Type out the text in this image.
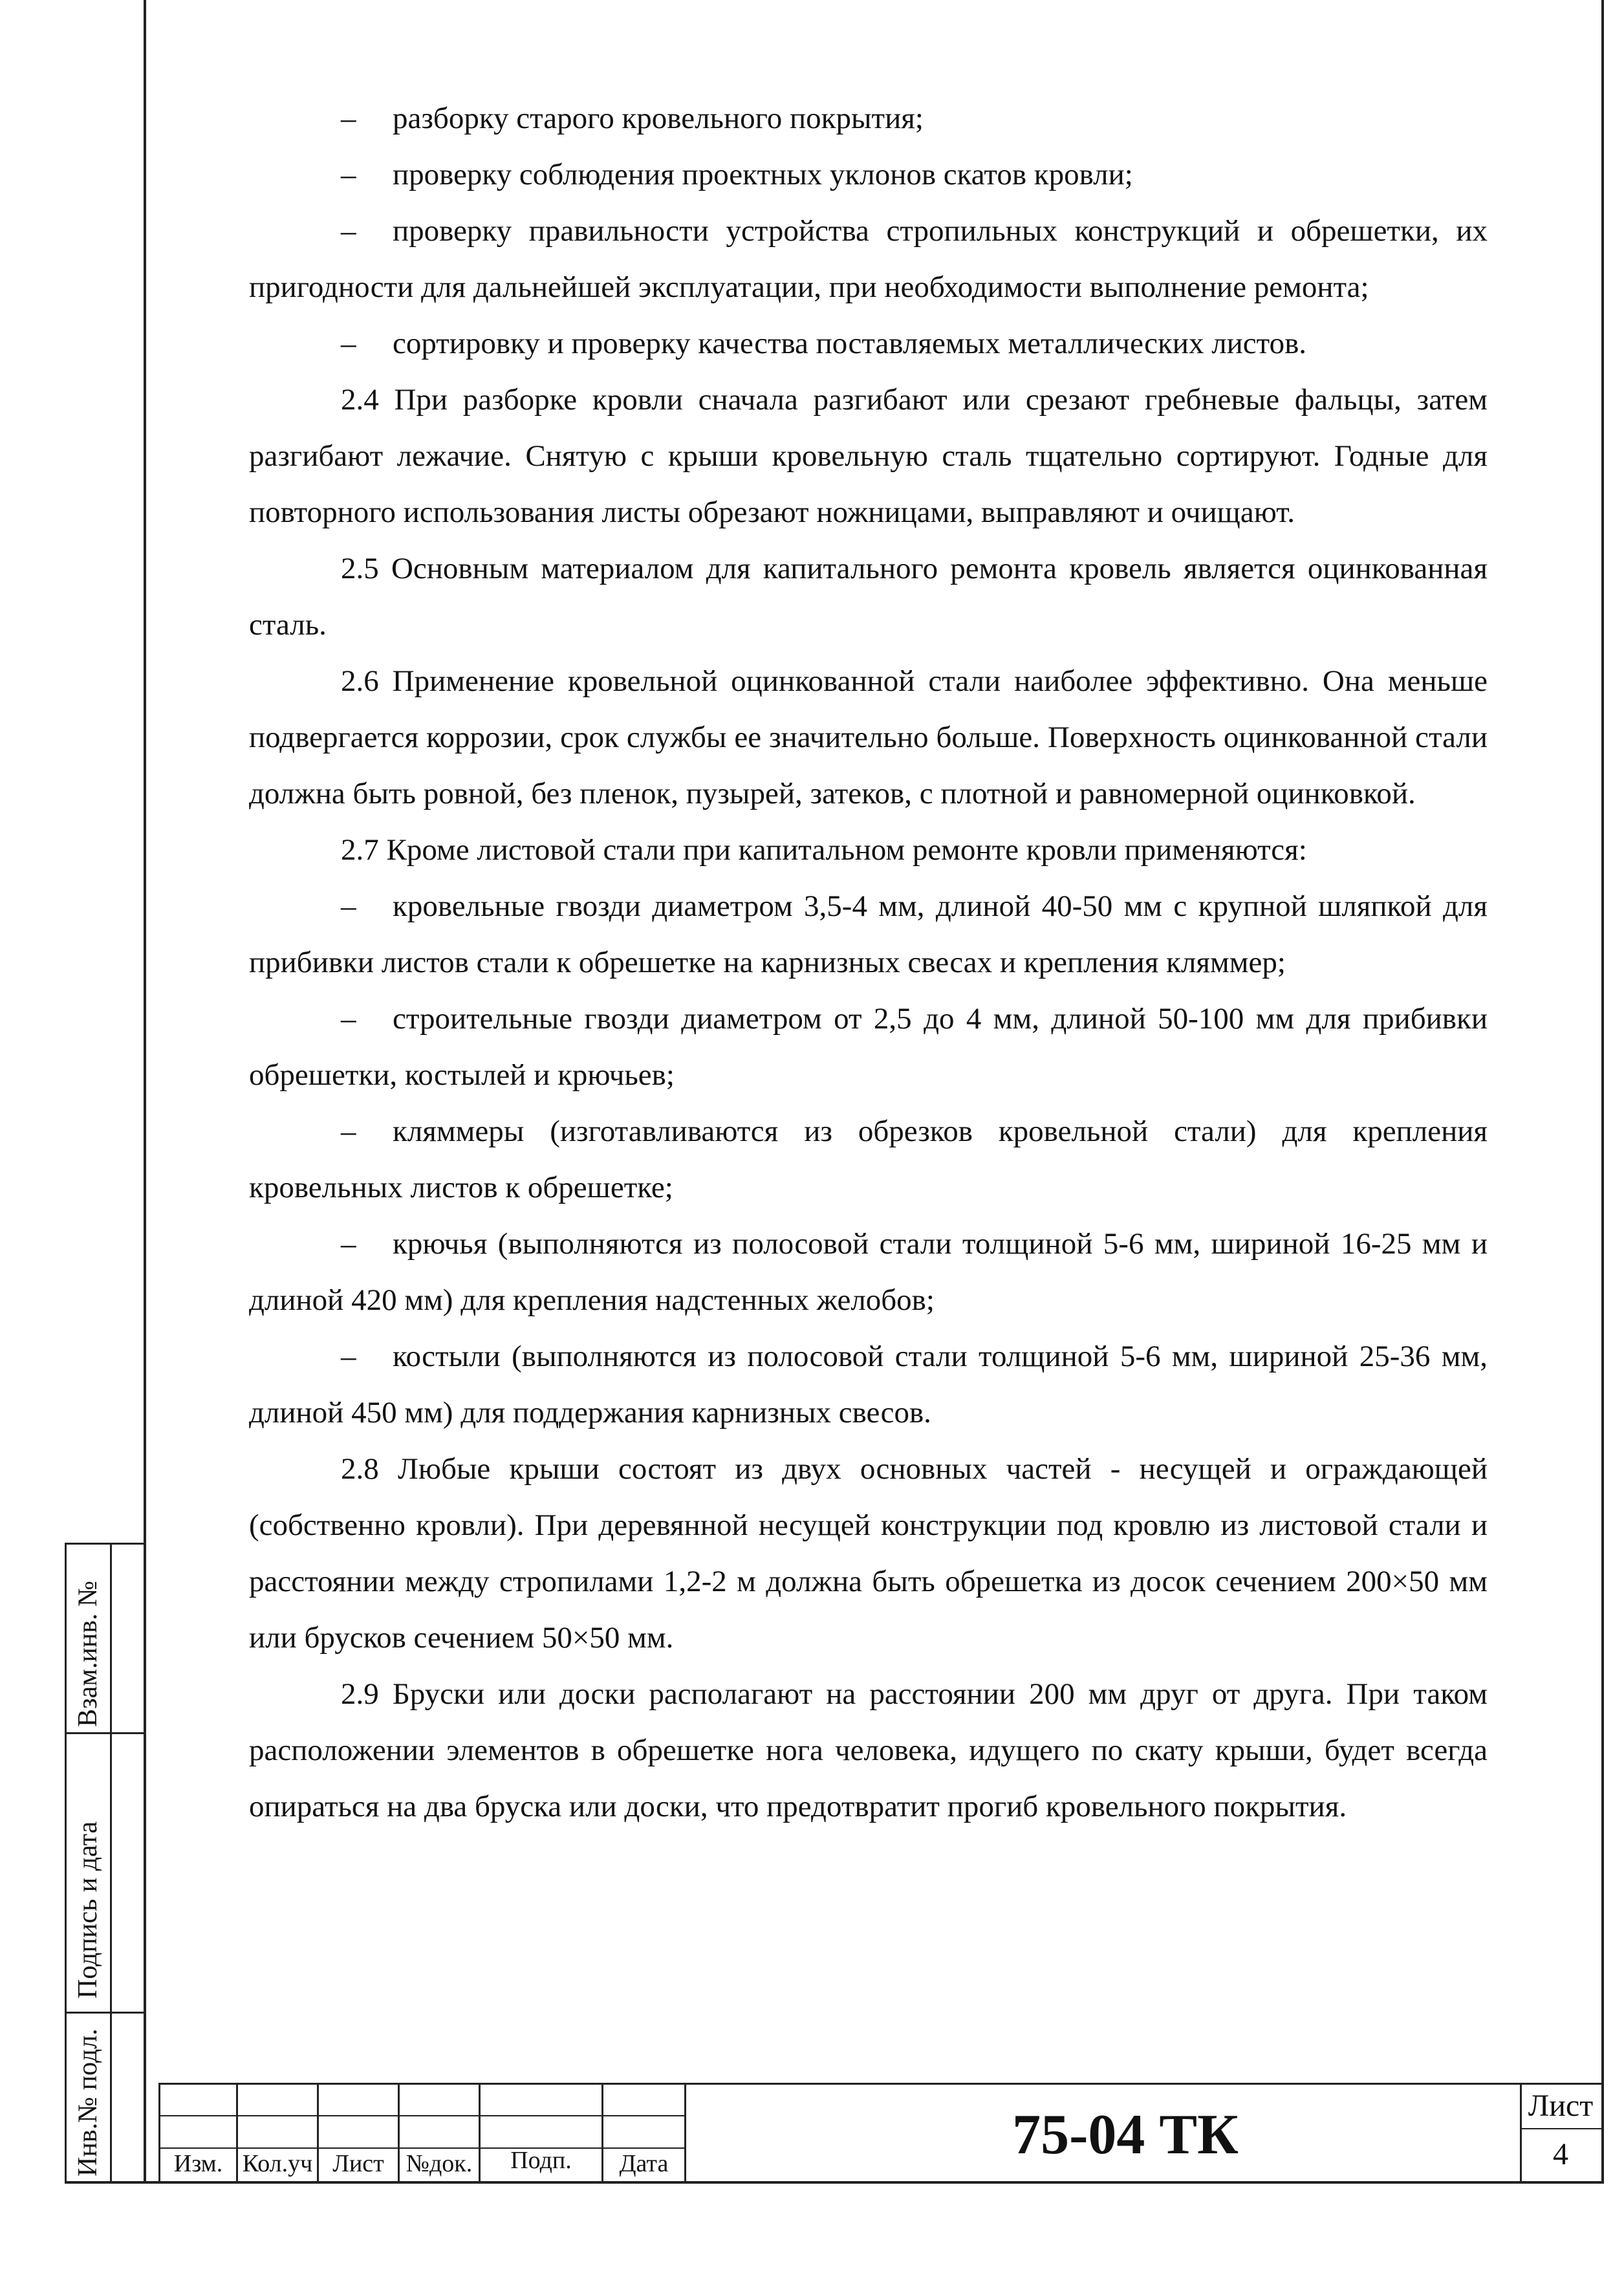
Взам.инв. №
Подпись и дата
Инв.№ подл.

– разборку старого кровельного покрытия;

– проверку соблюдения проектных уклонов скатов кровли;

– проверку правильности устройства стропильных конструкций и обрешетки, их пригодности для дальнейшей эксплуатации, при необходимости выполнение ремонта;

– сортировку и проверку качества поставляемых металлических листов.

2.4 При разборке кровли сначала разгибают или срезают гребневые фальцы, затем разгибают лежачие. Снятую с крыши кровельную сталь тщательно сортируют. Годные для повторного использования листы обрезают ножницами, выправляют и очищают.

2.5 Основным материалом для капитального ремонта кровель является оцинкованная сталь.

2.6 Применение кровельной оцинкованной стали наиболее эффективно. Она меньше подвергается коррозии, срок службы ее значительно больше. Поверхность оцинкованной стали должна быть ровной, без пленок, пузырей, затеков, с плотной и равномерной оцинковкой.

2.7 Кроме листовой стали при капитальном ремонте кровли применяются:

– кровельные гвозди диаметром 3,5-4 мм, длиной 40-50 мм с крупной шляпкой для прибивки листов стали к обрешетке на карнизных свесах и крепления кляммер;

– строительные гвозди диаметром от 2,5 до 4 мм, длиной 50-100 мм для прибивки обрешетки, костылей и крючьев;

– кляммеры (изготавливаются из обрезков кровельной стали) для крепления кровельных листов к обрешетке;

– крючья (выполняются из полосовой стали толщиной 5-6 мм, шириной 16-25 мм и длиной 420 мм) для крепления надстенных желобов;

– костыли (выполняются из полосовой стали толщиной 5-6 мм, шириной 25-36 мм, длиной 450 мм) для поддержания карнизных свесов.

2.8 Любые крыши состоят из двух основных частей - несущей и ограждающей (собственно кровли). При деревянной несущей конструкции под кровлю из листовой стали и расстоянии между стропилами 1,2-2 м должна быть обрешетка из досок сечением 200×50 мм или брусков сечением 50×50 мм.

2.9 Бруски или доски располагают на расстоянии 200 мм друг от друга. При таком расположении элементов в обрешетке нога человека, идущего по скату крыши, будет всегда опираться на два бруска или доски, что предотвратит прогиб кровельного покрытия.

Изм. Кол.уч Лист №док.	Подп.	Дата	75-04 ТК	Лист
4
